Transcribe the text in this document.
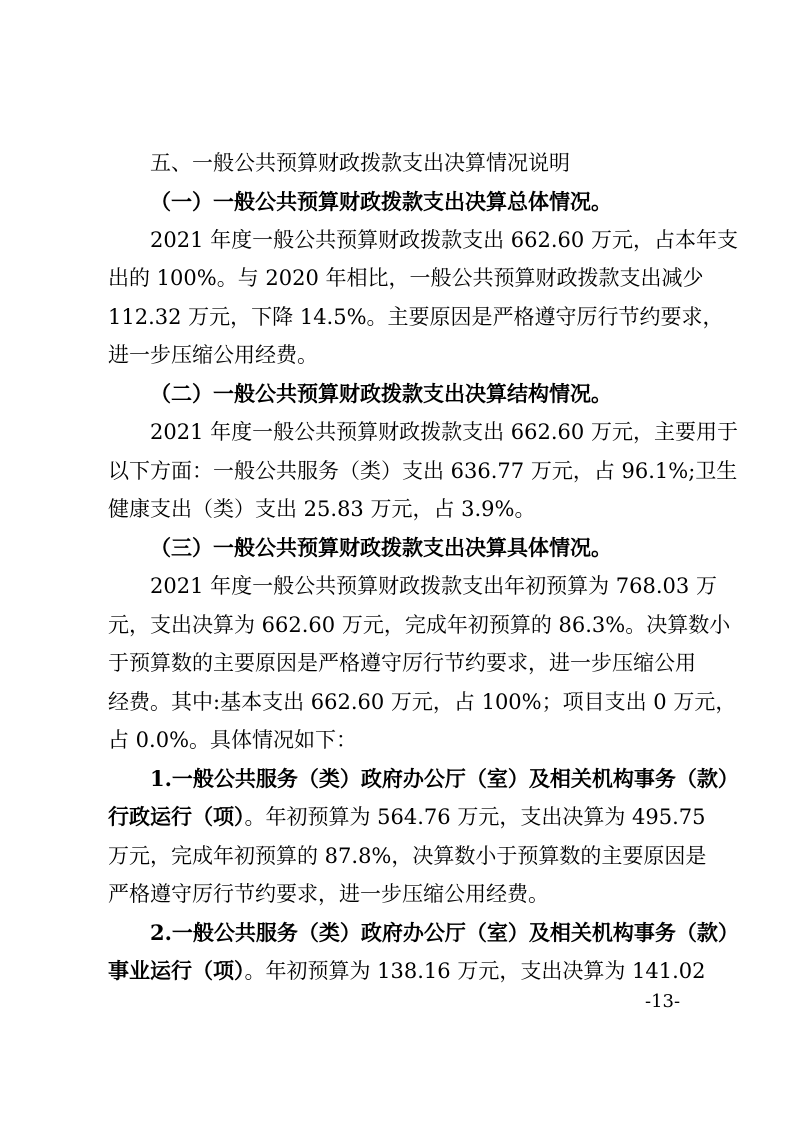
五、一般公共预算财政拨款支出决算情况说明
（一）一般公共预算财政拨款支出决算总体情况。
2021 年度一般公共预算财政拨款支出 662.60 万元，占本年支
出的 100%。与 2020 年相比，一般公共预算财政拨款支出减少
112.32 万元，下降 14.5%。主要原因是严格遵守厉行节约要求，
进一步压缩公用经费。
（二）一般公共预算财政拨款支出决算结构情况。
2021 年度一般公共预算财政拨款支出 662.60 万元，主要用于
以下方面：一般公共服务（类）支出 636.77 万元，占 96.1%;卫生
健康支出（类）支出 25.83 万元，占 3.9%。
（三）一般公共预算财政拨款支出决算具体情况。
2021 年度一般公共预算财政拨款支出年初预算为 768.03 万
元，支出决算为 662.60 万元，完成年初预算的 86.3%。决算数小
于预算数的主要原因是严格遵守厉行节约要求，进一步压缩公用
经费。其中:基本支出 662.60 万元，占 100%；项目支出 0 万元，
占 0.0%。具体情况如下：
1.一般公共服务（类）政府办公厅（室）及相关机构事务（款）
行政运行（项）。年初预算为 564.76 万元，支出决算为 495.75
万元，完成年初预算的 87.8%，决算数小于预算数的主要原因是
严格遵守厉行节约要求，进一步压缩公用经费。
2.一般公共服务（类）政府办公厅（室）及相关机构事务（款）
事业运行（项）。年初预算为 138.16 万元，支出决算为 141.02
-13-
